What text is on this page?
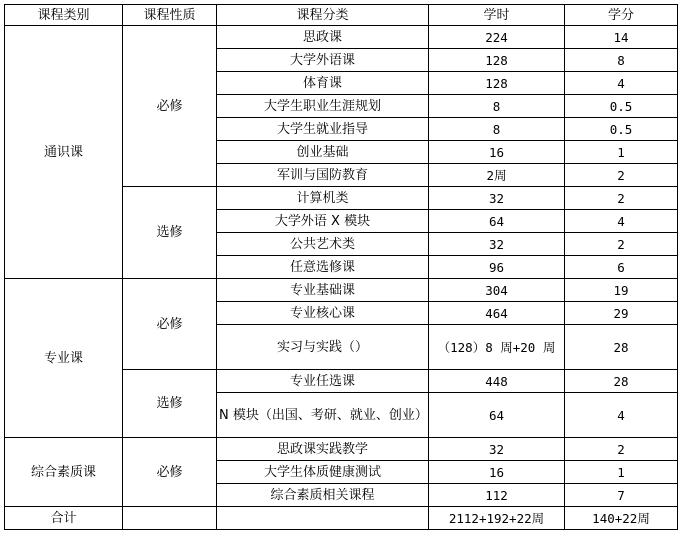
课程类别	课程性质	课程分类	学时	学分
通识课	必修	思政课	224	14
		大学外语课	128	8
		体育课	128	4
		大学生职业生涯规划	8	0.5
		大学生就业指导	8	0.5
		创业基础	16	1
		军训与国防教育	2周	2
	选修	计算机类	32	2
		大学外语 X 模块	64	4
		公共艺术类	32	2
		任意选修课	96	6
专业课	必修	专业基础课	304	19
		专业核心课	464	29
		实习与实践（）	（128）8 周+20 周	28
	选修	专业任选课	448	28
		N 模块（出国、考研、就业、创业）	64	4
综合素质课	必修	思政课实践教学	32	2
		大学生体质健康测试	16	1
		综合素质相关课程	112	7
合计			2112+192+22周	140+22周
